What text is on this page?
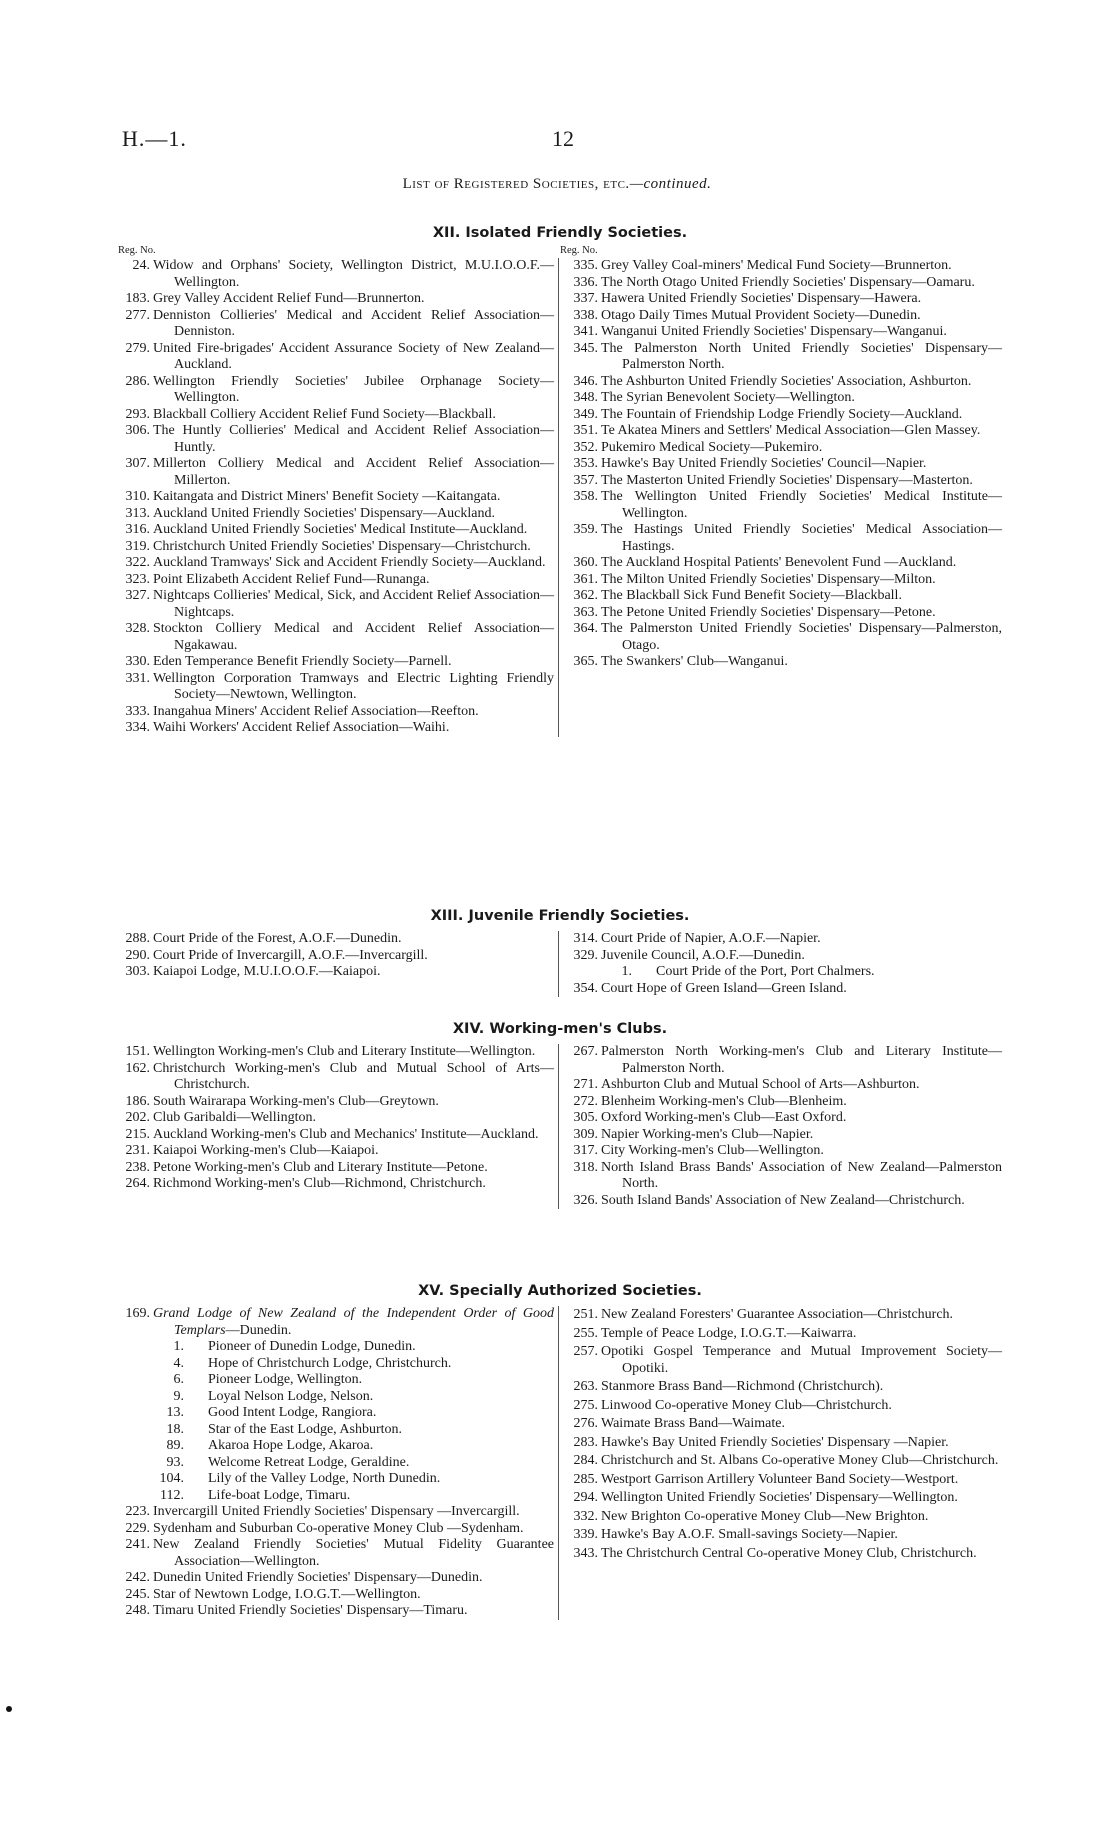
H.—1.	12
List of Registered Societies, etc.—continued.
XII. Isolated Friendly Societies.
Reg. No.	Reg. No.
24. Widow and Orphans' Society, Wellington District, M.U.I.O.O.F.—Wellington.
183. Grey Valley Accident Relief Fund—Brunnerton.
277. Denniston Collieries' Medical and Accident Relief Association—Denniston.
279. United Fire-brigades' Accident Assurance Society of New Zealand—Auckland.
286. Wellington Friendly Societies' Jubilee Orphanage Society—Wellington.
293. Blackball Colliery Accident Relief Fund Society—Blackball.
306. The Huntly Collieries' Medical and Accident Relief Association—Huntly.
307. Millerton Colliery Medical and Accident Relief Association—Millerton.
310. Kaitangata and District Miners' Benefit Society —Kaitangata.
313. Auckland United Friendly Societies' Dispensary—Auckland.
316. Auckland United Friendly Societies' Medical Institute—Auckland.
319. Christchurch United Friendly Societies' Dispensary—Christchurch.
322. Auckland Tramways' Sick and Accident Friendly Society—Auckland.
323. Point Elizabeth Accident Relief Fund—Runanga.
327. Nightcaps Collieries' Medical, Sick, and Accident Relief Association—Nightcaps.
328. Stockton Colliery Medical and Accident Relief Association—Ngakawau.
330. Eden Temperance Benefit Friendly Society—Parnell.
331. Wellington Corporation Tramways and Electric Lighting Friendly Society—Newtown, Wellington.
333. Inangahua Miners' Accident Relief Association—Reefton.
334. Waihi Workers' Accident Relief Association—Waihi.
335. Grey Valley Coal-miners' Medical Fund Society—Brunnerton.
336. The North Otago United Friendly Societies' Dispensary—Oamaru.
337. Hawera United Friendly Societies' Dispensary—Hawera.
338. Otago Daily Times Mutual Provident Society—Dunedin.
341. Wanganui United Friendly Societies' Dispensary—Wanganui.
345. The Palmerston North United Friendly Societies' Dispensary—Palmerston North.
346. The Ashburton United Friendly Societies' Association, Ashburton.
348. The Syrian Benevolent Society—Wellington.
349. The Fountain of Friendship Lodge Friendly Society—Auckland.
351. Te Akatea Miners and Settlers' Medical Association—Glen Massey.
352. Pukemiro Medical Society—Pukemiro.
353. Hawke's Bay United Friendly Societies' Council—Napier.
357. The Masterton United Friendly Societies' Dispensary—Masterton.
358. The Wellington United Friendly Societies' Medical Institute—Wellington.
359. The Hastings United Friendly Societies' Medical Association—Hastings.
360. The Auckland Hospital Patients' Benevolent Fund —Auckland.
361. The Milton United Friendly Societies' Dispensary—Milton.
362. The Blackball Sick Fund Benefit Society—Blackball.
363. The Petone United Friendly Societies' Dispensary—Petone.
364. The Palmerston United Friendly Societies' Dispensary—Palmerston, Otago.
365. The Swankers' Club—Wanganui.
XIII. Juvenile Friendly Societies.
288. Court Pride of the Forest, A.O.F.—Dunedin.
290. Court Pride of Invercargill, A.O.F.—Invercargill.
303. Kaiapoi Lodge, M.U.I.O.O.F.—Kaiapoi.
314. Court Pride of Napier, A.O.F.—Napier.
329. Juvenile Council, A.O.F.—Dunedin.
1. Court Pride of the Port, Port Chalmers.
354. Court Hope of Green Island—Green Island.
XIV. Working-men's Clubs.
151. Wellington Working-men's Club and Literary Institute—Wellington.
162. Christchurch Working-men's Club and Mutual School of Arts—Christchurch.
186. South Wairarapa Working-men's Club—Greytown.
202. Club Garibaldi—Wellington.
215. Auckland Working-men's Club and Mechanics' Institute—Auckland.
231. Kaiapoi Working-men's Club—Kaiapoi.
238. Petone Working-men's Club and Literary Institute—Petone.
264. Richmond Working-men's Club—Richmond, Christchurch.
267. Palmerston North Working-men's Club and Literary Institute—Palmerston North.
271. Ashburton Club and Mutual School of Arts—Ashburton.
272. Blenheim Working-men's Club—Blenheim.
305. Oxford Working-men's Club—East Oxford.
309. Napier Working-men's Club—Napier.
317. City Working-men's Club—Wellington.
318. North Island Brass Bands' Association of New Zealand—Palmerston North.
326. South Island Bands' Association of New Zealand—Christchurch.
XV. Specially Authorized Societies.
169. Grand Lodge of New Zealand of the Independent Order of Good Templars—Dunedin.
1. Pioneer of Dunedin Lodge, Dunedin.
4. Hope of Christchurch Lodge, Christchurch.
6. Pioneer Lodge, Wellington.
9. Loyal Nelson Lodge, Nelson.
13. Good Intent Lodge, Rangiora.
18. Star of the East Lodge, Ashburton.
89. Akaroa Hope Lodge, Akaroa.
93. Welcome Retreat Lodge, Geraldine.
104. Lily of the Valley Lodge, North Dunedin.
112. Life-boat Lodge, Timaru.
223. Invercargill United Friendly Societies' Dispensary —Invercargill.
229. Sydenham and Suburban Co-operative Money Club —Sydenham.
241. New Zealand Friendly Societies' Mutual Fidelity Guarantee Association—Wellington.
242. Dunedin United Friendly Societies' Dispensary—Dunedin.
245. Star of Newtown Lodge, I.O.G.T.—Wellington.
248. Timaru United Friendly Societies' Dispensary—Timaru.
251. New Zealand Foresters' Guarantee Association—Christchurch.
255. Temple of Peace Lodge, I.O.G.T.—Kaiwarra.
257. Opotiki Gospel Temperance and Mutual Improvement Society—Opotiki.
263. Stanmore Brass Band—Richmond (Christchurch).
275. Linwood Co-operative Money Club—Christchurch.
276. Waimate Brass Band—Waimate.
283. Hawke's Bay United Friendly Societies' Dispensary —Napier.
284. Christchurch and St. Albans Co-operative Money Club—Christchurch.
285. Westport Garrison Artillery Volunteer Band Society—Westport.
294. Wellington United Friendly Societies' Dispensary—Wellington.
332. New Brighton Co-operative Money Club—New Brighton.
339. Hawke's Bay A.O.F. Small-savings Society—Napier.
343. The Christchurch Central Co-operative Money Club, Christchurch.
